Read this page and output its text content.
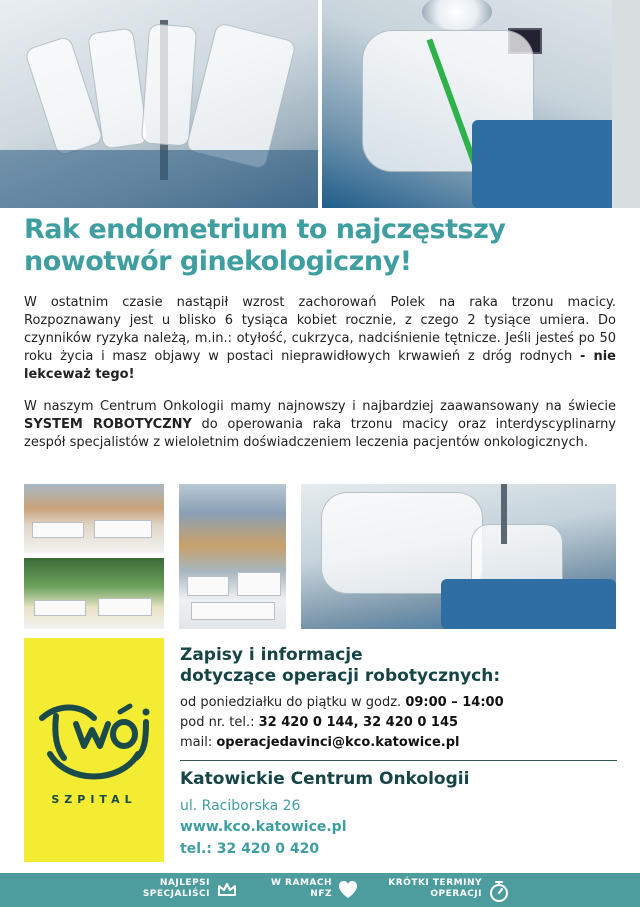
Rak endometrium to najczęstszy
nowotwór ginekologiczny!

W ostatnim czasie nastąpił wzrost zachorowań Polek na raka trzonu macicy. Rozpoznawany jest u blisko 6 tysiąca kobiet rocznie, z czego 2 tysiące umiera. Do czynników ryzyka należą, m.in.: otyłość, cukrzyca, nadciśnienie tętnicze. Jeśli jesteś po 50 roku życia i masz objawy w postaci nieprawidłowych krwawień z dróg rodnych - nie lekceważ tego!

W naszym Centrum Onkologii mamy najnowszy i najbardziej zaawansowany na świecie SYSTEM ROBOTYCZNY do operowania raka trzonu macicy oraz interdyscyplinarny zespół specjalistów z wieloletnim doświadczeniem leczenia pacjentów onkologicznych.

SZPITAL
Zapisy i informacje
dotyczące operacji robotycznych:
od poniedziałku do piątku w godz. 09:00 – 14:00
pod nr. tel.: 32 420 0 144, 32 420 0 145
mail: operacjedavinci@kco.katowice.pl
Katowickie Centrum Onkologii
ul. Raciborska 26
www.kco.katowice.pl
tel.: 32 420 0 420
NAJLEPSI
SPECJALIŚCI
W RAMACH
NFZ
KRÓTKI TERMINY
OPERACJI
